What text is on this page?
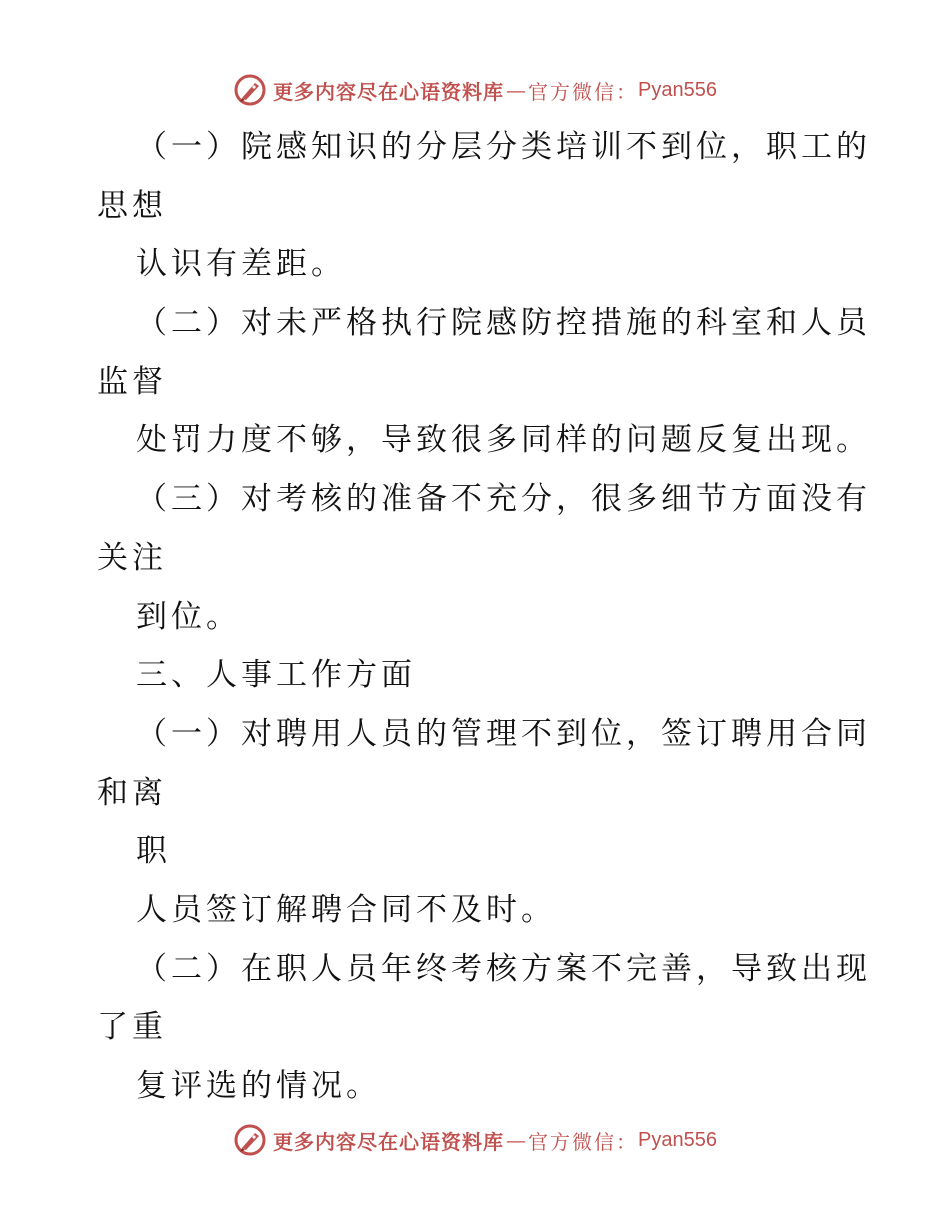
更多内容尽在心语资料库 — 官方微信： Pyan556
（一）院感知识的分层分类培训不到位，职工的
思想
认识有差距。
（二）对未严格执行院感防控措施的科室和人员
监督
处罚力度不够，导致很多同样的问题反复出现。
（三）对考核的准备不充分，很多细节方面没有
关注
到位。
三、人事工作方面
（一）对聘用人员的管理不到位，签订聘用合同
和离
职
人员签订解聘合同不及时。
（二）在职人员年终考核方案不完善，导致出现
了重
复评选的情况。
更多内容尽在心语资料库 — 官方微信： Pyan556
